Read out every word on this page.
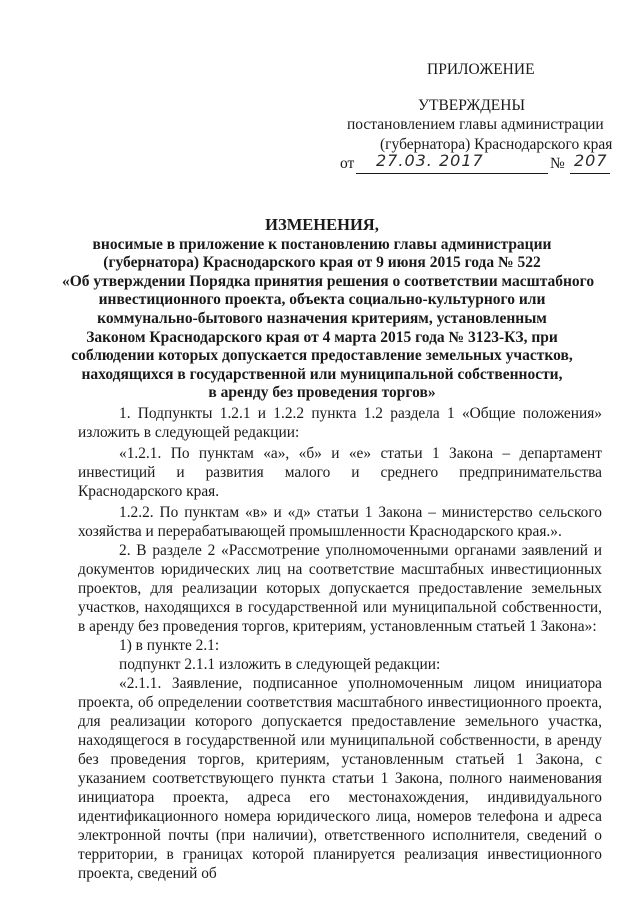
ПРИЛОЖЕНИЕ
УТВЕРЖДЕНЫ
постановлением главы администрации
(губернатора) Краснодарского края
от 27.03. 2017	№ 207
ИЗМЕНЕНИЯ,
вносимые в приложение к постановлению главы администрации
(губернатора) Краснодарского края от 9 июня 2015 года № 522
«Об утверждении Порядка принятия решения о соответствии масштабного
инвестиционного проекта, объекта социально-культурного или
коммунально-бытового назначения критериям, установленным
Законом Краснодарского края от 4 марта 2015 года № 3123-КЗ, при
соблюдении которых допускается предоставление земельных участков,
находящихся в государственной или муниципальной собственности,
в аренду без проведения торгов»

1. Подпункты 1.2.1 и 1.2.2 пункта 1.2 раздела 1 «Общие положения» изложить в следующей редакции:

«1.2.1. По пунктам «а», «б» и «е» статьи 1 Закона – департамент инвестиций и развития малого и среднего предпринимательства Краснодарского края.

1.2.2. По пунктам «в» и «д» статьи 1 Закона – министерство сельского хозяйства и перерабатывающей промышленности Краснодарского края.».

2. В разделе 2 «Рассмотрение уполномоченными органами заявлений и документов юридических лиц на соответствие масштабных инвестиционных проектов, для реализации которых допускается предоставление земельных участков, находящихся в государственной или муниципальной собственности, в аренду без проведения торгов, критериям, установленным статьей 1 Закона»:

1) в пункте 2.1:

подпункт 2.1.1 изложить в следующей редакции:

«2.1.1. Заявление, подписанное уполномоченным лицом инициатора проекта, об определении соответствия масштабного инвестиционного проекта, для реализации которого допускается предоставление земельного участка, находящегося в государственной или муниципальной собственности, в аренду без проведения торгов, критериям, установленным статьей 1 Закона, с указанием соответствующего пункта статьи 1 Закона, полного наименования инициатора проекта, адреса его местонахождения, индивидуального идентификационного номера юридического лица, номеров телефона и адреса электронной почты (при наличии), ответственного исполнителя, сведений о территории, в границах которой планируется реализация инвестиционного проекта, сведений об
